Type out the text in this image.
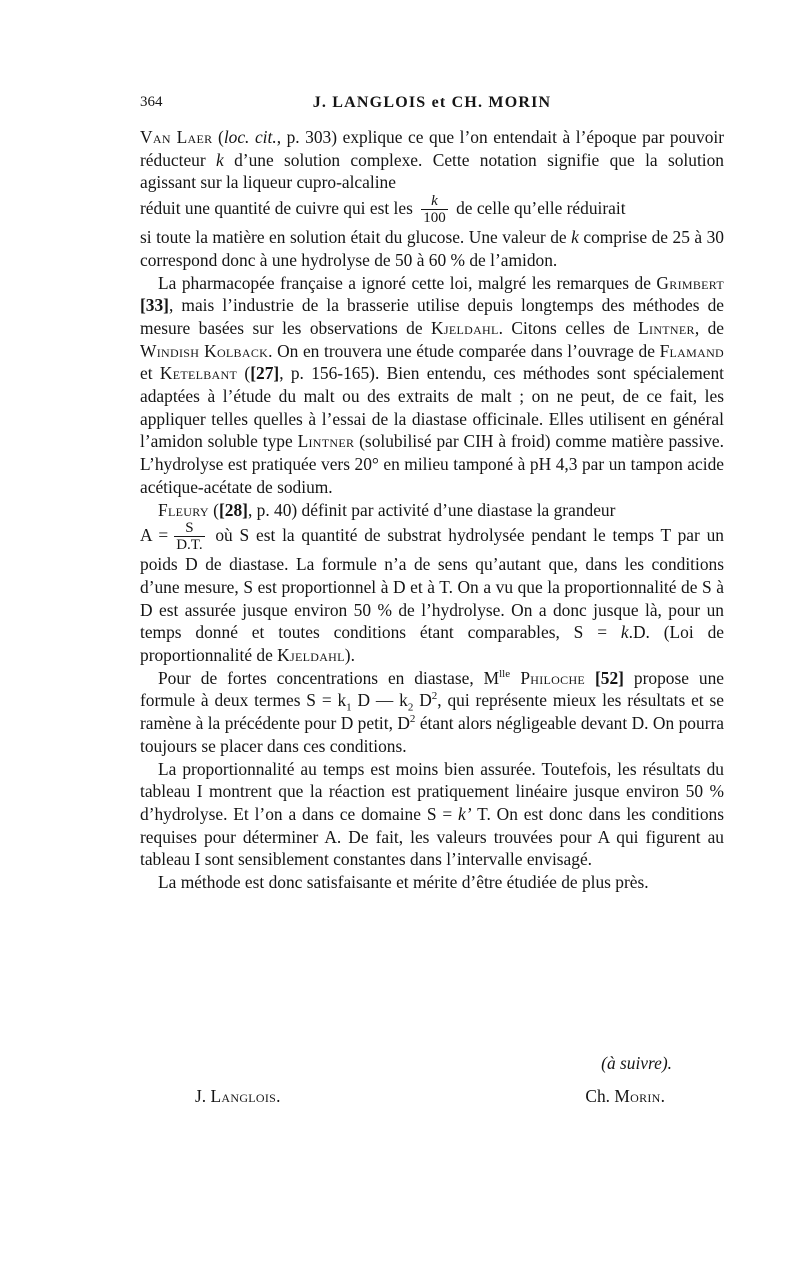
364	J. LANGLOIS et CH. MORIN

Van Laer (loc. cit., p. 303) explique ce que l’on entendait à l’époque par pouvoir réducteur k d’une solution complexe. Cette notation signifie que la solution agissant sur la liqueur cupro-alcaline

réduit une quantité de cuivre qui est les $\frac{k}{100}$ de celle qu’elle réduirait

si toute la matière en solution était du glucose. Une valeur de k comprise de 25 à 30 correspond donc à une hydrolyse de 50 à 60 % de l’amidon.

La pharmacopée française a ignoré cette loi, malgré les remarques de Grimbert [33], mais l’industrie de la brasserie utilise depuis longtemps des méthodes de mesure basées sur les observations de Kjeldahl. Citons celles de Lintner, de Windish Kolback. On en trouvera une étude comparée dans l’ouvrage de Flamand et Ketelbant ([27], p. 156-165). Bien entendu, ces méthodes sont spécialement adaptées à l’étude du malt ou des extraits de malt ; on ne peut, de ce fait, les appliquer telles quelles à l’essai de la diastase officinale. Elles utilisent en général l’amidon soluble type Lintner (solubilisé par CIH à froid) comme matière passive. L’hydrolyse est pratiquée vers 20° en milieu tamponé à pH 4,3 par un tampon acide acétique-acétate de sodium.

Fleury ([28], p. 40) définit par activité d’une diastase la grandeur

$A = \frac{S}{D.T.}$ où S est la quantité de substrat hydrolysée pendant le temps T par un poids D de diastase. La formule n’a de sens qu’autant que, dans les conditions d’une mesure, S est proportionnel à D et à T. On a vu que la proportionnalité de S à D est assurée jusque environ 50 % de l’hydrolyse. On a donc jusque là, pour un temps donné et toutes conditions étant comparables, S = k.D. (Loi de proportionnalité de Kjeldahl).

Pour de fortes concentrations en diastase, $M^{lle}$ Philoche [52] propose une formule à deux termes $S = k_1$ D — $k_2$ $D^2$, qui représente mieux les résultats et se ramène à la précédente pour D petit, $D^2$ étant alors négligeable devant D. On pourra toujours se placer dans ces conditions.

La proportionnalité au temps est moins bien assurée. Toutefois, les résultats du tableau I montrent que la réaction est pratiquement linéaire jusque environ 50 % d’hydrolyse. Et l’on a dans ce domaine S = k’ T. On est donc dans les conditions requises pour déterminer A. De fait, les valeurs trouvées pour A qui figurent au tableau I sont sensiblement constantes dans l’intervalle envisagé.

La méthode est donc satisfaisante et mérite d’être étudiée de plus près.

(à suivre).
J. Langlois.	Ch. Morin.
